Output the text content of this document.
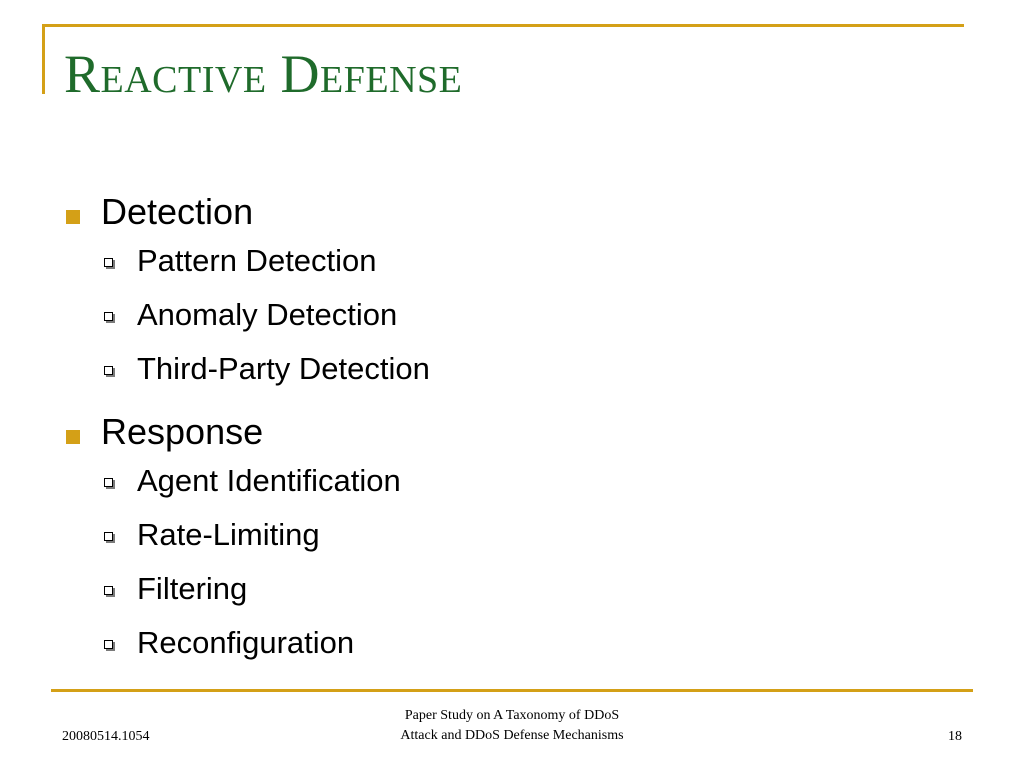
Reactive Defense
Detection
Pattern Detection
Anomaly Detection
Third-Party Detection
Response
Agent Identification
Rate-Limiting
Filtering
Reconfiguration
20080514.1054
Paper Study on A Taxonomy of DDoS
Attack and DDoS Defense Mechanisms	18
